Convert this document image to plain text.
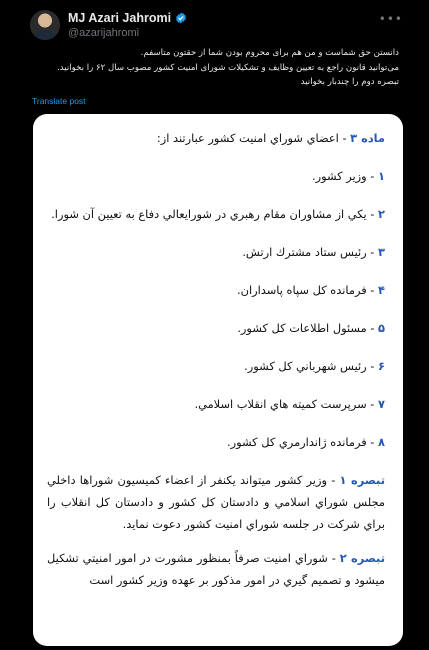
MJ Azari Jahromi
@azarijahromi
•••
دانستن حق شماست و من هم برای محروم بودن شما از حقتون متاسفم.
می‌توانید قانون راجع به تعیین وظایف و تشکیلات شورای امنیت کشور مصوب سال ۶۲ را بخوانید.
تبصره دوم را چندبار بخوانید
Translate post
ماده ۳ - اعضاي شوراي امنيت كشور عبارتند از:
۱ - وزير كشور.
۲ - يكي از مشاوران مقام رهبري در شورايعالي دفاع به تعيين آن شورا.
۳ - رئيس ستاد مشترك ارتش.
۴ - فرمانده كل سپاه پاسداران.
۵ - مسئول اطلاعات كل كشور.
۶ - رئيس شهرباني كل كشور.
۷ - سرپرست كميته هاي انقلاب اسلامي.
۸ - فرمانده ژاندارمري كل كشور.
تبصره ۱ - وزير كشور ميتواند يكنفر از اعضاء كميسيون شوراها داخلي مجلس شوراي اسلامي و دادستان كل كشور و دادستان كل انقلاب را براي شركت در جلسه شوراي امنيت كشور دعوت نمايد.
تبصره ۲ - شوراي امنيت صرفاً بمنظور مشورت در امور امنيتي تشكيل ميشود و تصميم گيري در امور مذكور بر عهده وزير كشور است
